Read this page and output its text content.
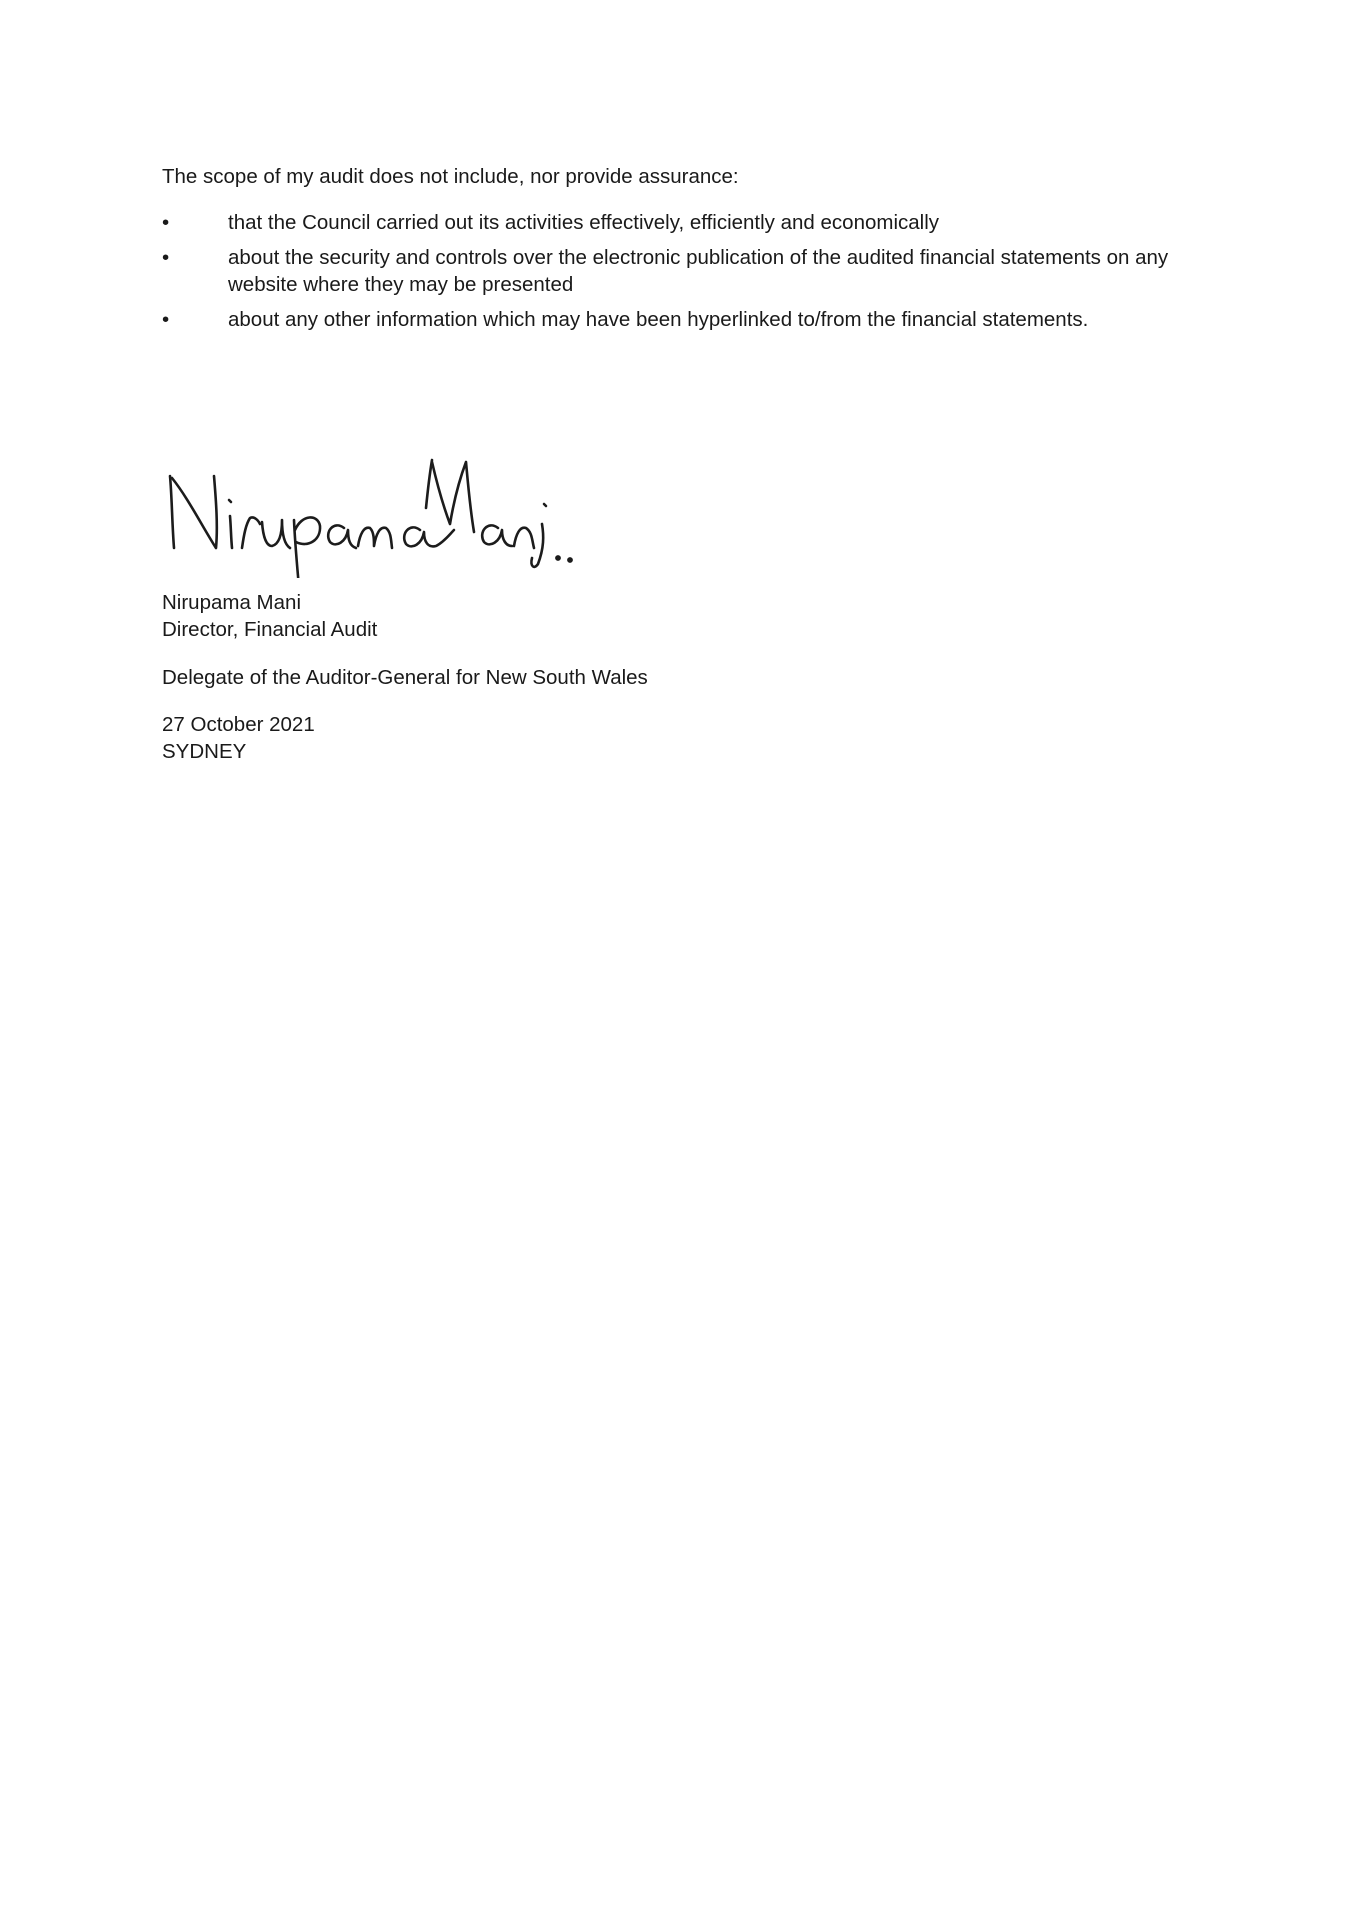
The scope of my audit does not include, nor provide assurance:

•	that the Council carried out its activities effectively, efficiently and economically
•	about the security and controls over the electronic publication of the audited financial statements on any website where they may be presented
•	about any other information which may have been hyperlinked to/from the financial statements.
Nirupama Mani
Director, Financial Audit

Delegate of the Auditor-General for New South Wales

27 October 2021
SYDNEY
